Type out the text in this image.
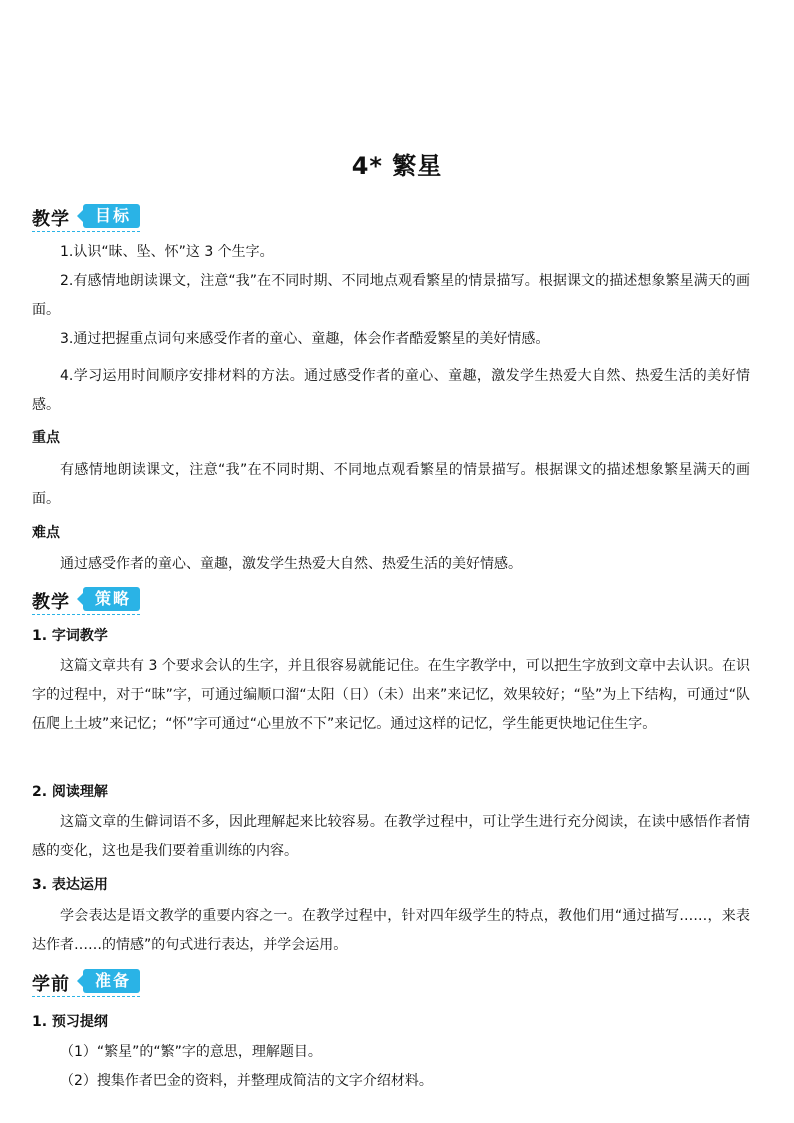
4* 繁星
教学	目标

1.认识“昧、坠、怀”这 3 个生字。

2.有感情地朗读课文，注意“我”在不同时期、不同地点观看繁星的情景描写。根据课文的描述想象繁星满天的画面。

3.通过把握重点词句来感受作者的童心、童趣，体会作者酷爱繁星的美好情感。

4.学习运用时间顺序安排材料的方法。通过感受作者的童心、童趣，激发学生热爱大自然、热爱生活的美好情感。

重点

有感情地朗读课文，注意“我”在不同时期、不同地点观看繁星的情景描写。根据课文的描述想象繁星满天的画面。

难点

通过感受作者的童心、童趣，激发学生热爱大自然、热爱生活的美好情感。

教学	策略

1. 字词教学

这篇文章共有 3 个要求会认的生字，并且很容易就能记住。在生字教学中，可以把生字放到文章中去认识。在识字的过程中，对于“昧”字，可通过编顺口溜“太阳（日）（未）出来”来记忆，效果较好；“坠”为上下结构，可通过“队伍爬上土坡”来记忆；“怀”字可通过“心里放不下”来记忆。通过这样的记忆，学生能更快地记住生字。

2. 阅读理解

这篇文章的生僻词语不多，因此理解起来比较容易。在教学过程中，可让学生进行充分阅读，在读中感悟作者情感的变化，这也是我们要着重训练的内容。

3. 表达运用

学会表达是语文教学的重要内容之一。在教学过程中，针对四年级学生的特点，教他们用“通过描写……，来表达作者……的情感”的句式进行表达，并学会运用。

学前	准备

1. 预习提纲

（1）“繁星”的“繁”字的意思，理解题目。

（2）搜集作者巴金的资料，并整理成简洁的文字介绍材料。
